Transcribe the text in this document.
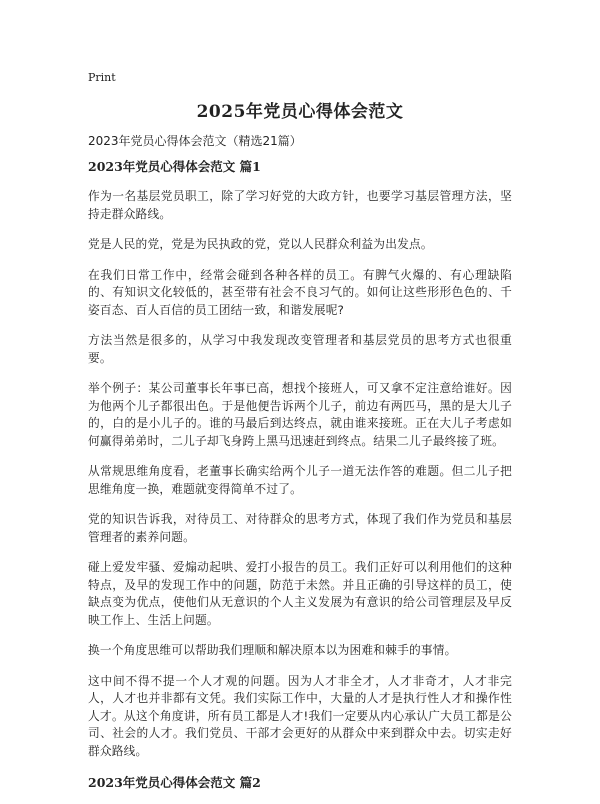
Print
2025年党员心得体会范文
2023年党员心得体会范文（精选21篇）
2023年党员心得体会范文 篇1

作为一名基层党员职工，除了学习好党的大政方针，也要学习基层管理方法，坚持走群众路线。

党是人民的党，党是为民执政的党，党以人民群众利益为出发点。

在我们日常工作中，经常会碰到各种各样的员工。有脾气火爆的、有心理缺陷的、有知识文化较低的，甚至带有社会不良习气的。如何让这些形形色色的、千姿百态、百人百信的员工团结一致，和谐发展呢?

方法当然是很多的，从学习中我发现改变管理者和基层党员的思考方式也很重要。

举个例子：某公司董事长年事已高，想找个接班人，可又拿不定注意给谁好。因为他两个儿子都很出色。于是他便告诉两个儿子，前边有两匹马，黑的是大儿子的，白的是小儿子的。谁的马最后到达终点，就由谁来接班。正在大儿子考虑如何赢得弟弟时，二儿子却飞身跨上黑马迅速赶到终点。结果二儿子最终接了班。

从常规思维角度看，老董事长确实给两个儿子一道无法作答的难题。但二儿子把思维角度一换，难题就变得简单不过了。

党的知识告诉我，对待员工、对待群众的思考方式，体现了我们作为党员和基层管理者的素养问题。

碰上爱发牢骚、爱煽动起哄、爱打小报告的员工。我们正好可以利用他们的这种特点，及早的发现工作中的问题，防范于未然。并且正确的引导这样的员工，使缺点变为优点，使他们从无意识的个人主义发展为有意识的给公司管理层及早反映工作上、生活上问题。

换一个角度思维可以帮助我们理顺和解决原本以为困难和棘手的事情。

这中间不得不提一个人才观的问题。因为人才非全才，人才非奇才，人才非完人，人才也并非都有文凭。我们实际工作中，大量的人才是执行性人才和操作性人才。从这个角度讲，所有员工都是人才!我们一定要从内心承认广大员工都是公司、社会的人才。我们党员、干部才会更好的从群众中来到群众中去。切实走好群众路线。

2023年党员心得体会范文 篇2
